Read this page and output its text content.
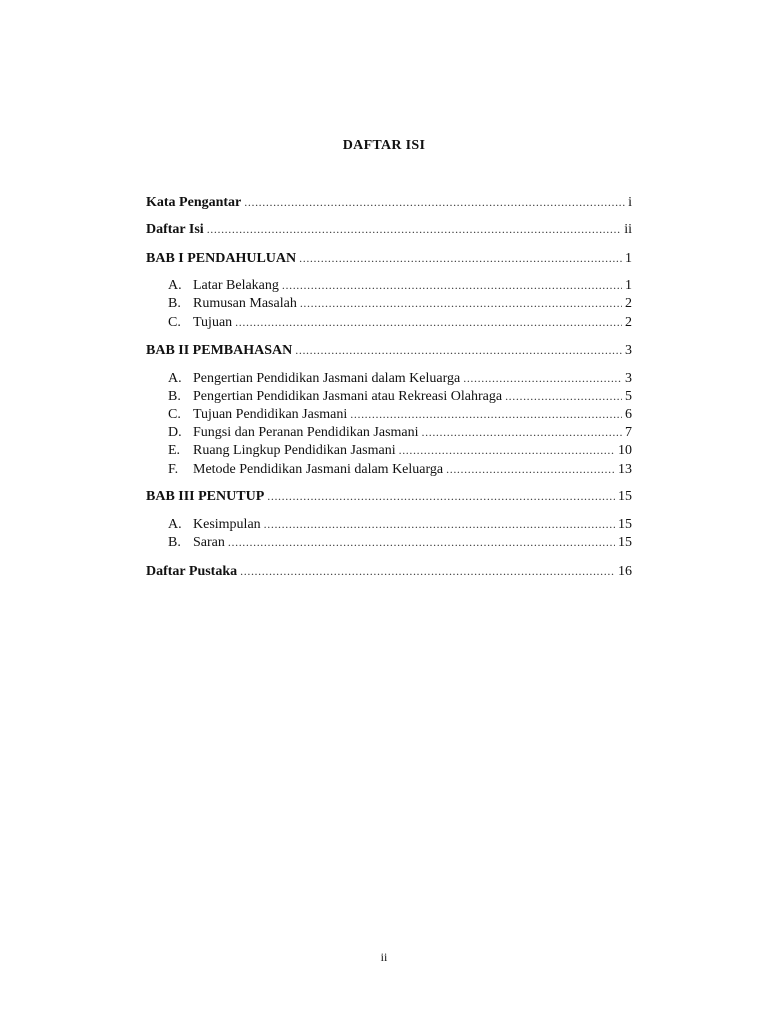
DAFTAR ISI
Kata Pengantar .....	i
Daftar Isi .....	ii
BAB I PENDAHULUAN .....	1
A. Latar Belakang .....	1
B. Rumusan Masalah .....	2
C. Tujuan .....	2
BAB II PEMBAHASAN .....	3
A. Pengertian Pendidikan Jasmani dalam Keluarga .....	3
B. Pengertian Pendidikan Jasmani atau Rekreasi Olahraga .....	5
C. Tujuan Pendidikan Jasmani .....	6
D. Fungsi dan Peranan Pendidikan Jasmani .....	7
E. Ruang Lingkup Pendidikan Jasmani .....	10
F. Metode Pendidikan Jasmani dalam Keluarga .....	13
BAB III PENUTUP .....	15
A. Kesimpulan .....	15
B. Saran .....	15
Daftar Pustaka .....	16
ii
